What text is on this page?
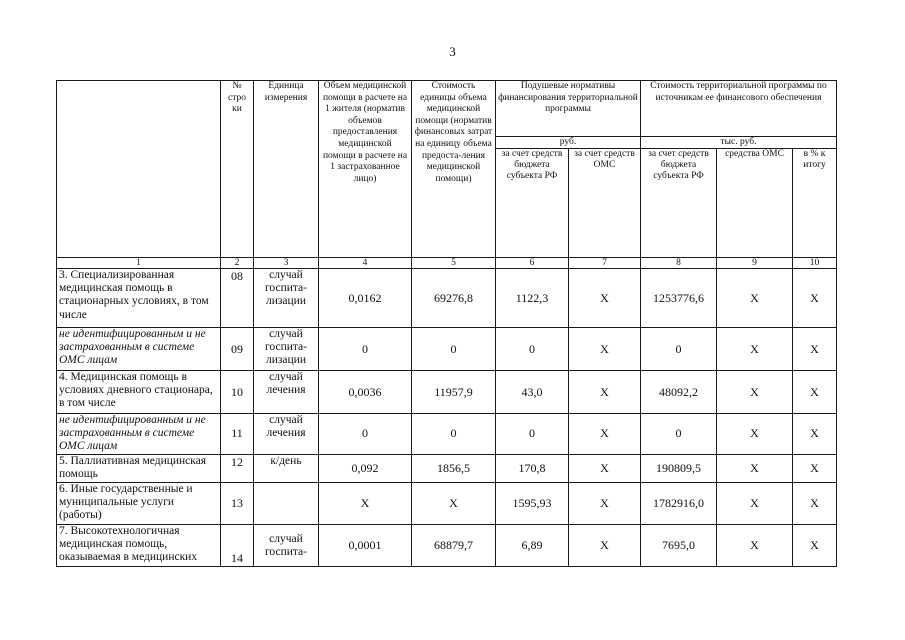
3
	№ стро ки	Единица измерения	Объем медицинской помощи в расчете на 1 жителя (норматив объемов предоставления медицинской помощи в расчете на 1 застрахованное лицо)	Стоимость единицы объема медицинской помощи (норматив финансовых затрат на единицу объема предоста-ления медицинской помощи)	Подушевые нормативы финансирования территориальной программы		Стоимость территориальной программы по источникам ее финансового обеспечения		
					руб.		тыс. руб.		
					за счет средств бюджета субъекта РФ	за счет средств ОМС	за счет средств бюджета субъекта РФ	средства ОМС	в % к итогу
1	2	3	4	5	6	7	8	9	10
3. Специализированная медицинская помощь в стационарных условиях, в том числе	08	случай госпита-лизации	0,0162	69276,8	1122,3	Х	1253776,6	Х	Х
не идентифицированным и не застрахованным в системе ОМС лицам	09	случай госпита-лизации	0	0	0	Х	0	Х	Х
4. Медицинская помощь в условиях дневного стационара, в том числе	10	случай лечения	0,0036	11957,9	43,0	Х	48092,2	Х	Х
не идентифицированным и не застрахованным в системе ОМС лицам	11	случай лечения	0	0	0	Х	0	Х	Х
5. Паллиативная медицинская помощь	12	к/день	0,092	1856,5	170,8	Х	190809,5	Х	Х
6. Иные государственные и муниципальные услуги (работы)	13		Х	Х	1595,93	Х	1782916,0	Х	Х
7. Высокотехнологичная медицинская помощь, оказываемая в медицинских	14	случай госпита-	0,0001	68879,7	6,89	Х	7695,0	Х	Х
